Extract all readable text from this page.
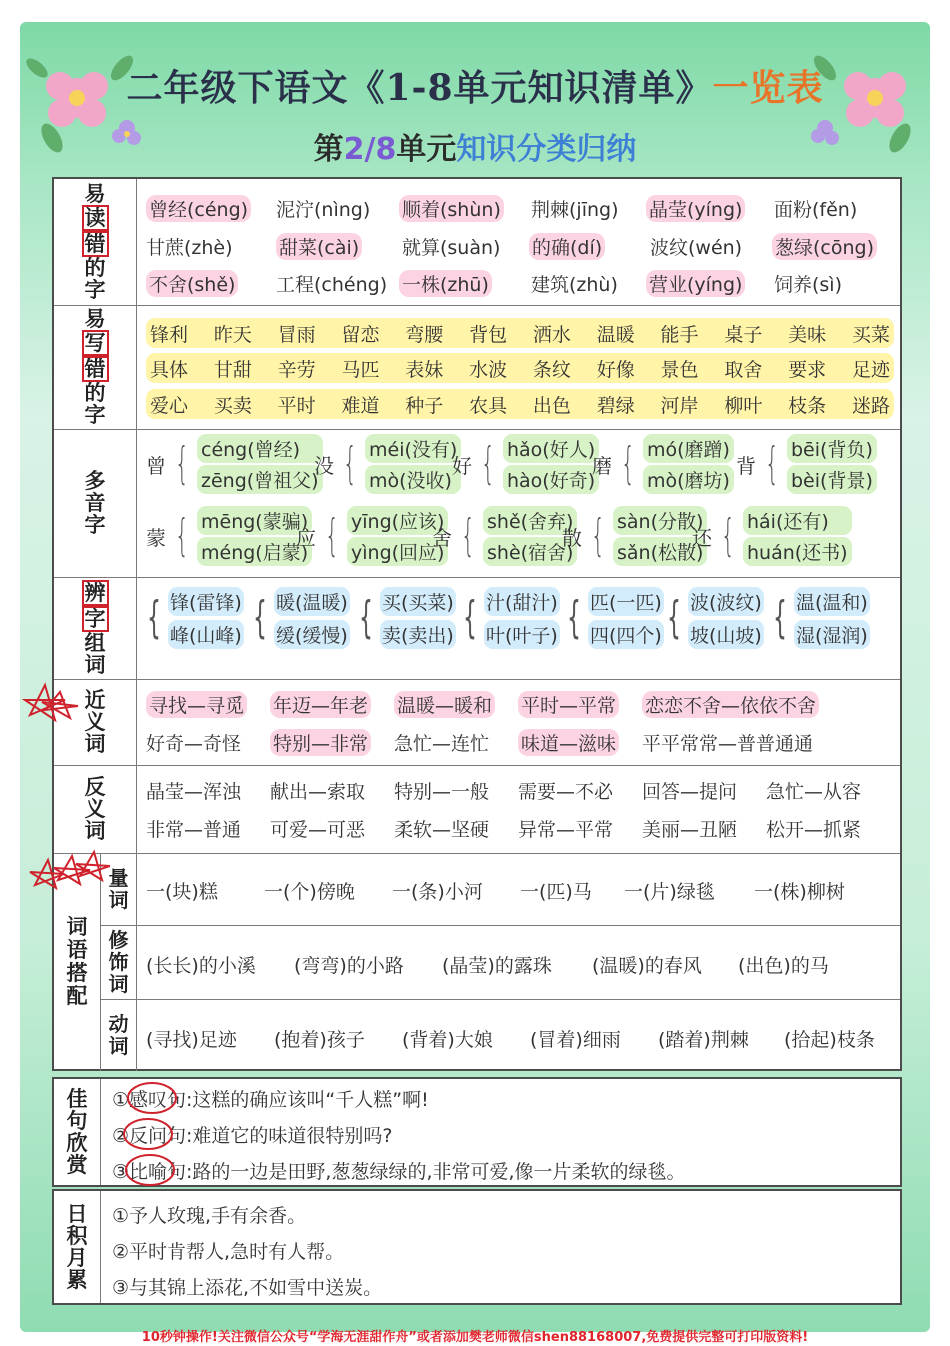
二年级下语文《1-8单元知识清单》一览表
第2/8单元知识分类归纳
易
读
错
的
字
曾经(céng) 泥泞(nìng) 顺着(shùn) 荆棘(jīng) 晶莹(yíng) 面粉(fěn)
甘蔗(zhè) 甜菜(cài) 就算(suàn) 的确(dí)	波纹(wén) 葱绿(cōng)
不舍(shě) 工程(chéng) 一株(zhū) 建筑(zhù) 营业(yíng) 饲养(sì)
易
写
错
的
字
锋利 昨天 冒雨 留恋 弯腰 背包 洒水 温暖 能手 桌子 美味 买菜
具体 甘甜 辛劳 马匹 表妹 水波 条纹 好像 景色 取舍 要求 足迹
爱心 买卖 平时 难道 种子 农具 出色 碧绿 河岸 柳叶 枝条 迷路
多
音
字
曾 { céng(曾经)
zēng(曾祖父)
没 { méi(没有)
mò(没收)
好 { hǎo(好人)
hào(好奇)
磨 { mó(磨蹭)
mò(磨坊)
背 { bēi(背负)
bèi(背景)
蒙 { mēng(蒙骗)
méng(启蒙)
应 { yīng(应该)
yìng(回应)
舍 { shě(舍弃)
shè(宿舍)
散 { sàn(分散)
sǎn(松散)
还 { hái(还有)
huán(还书)
辨
字
组
词
{ 锋(雷锋)
峰(山峰) { 暖(温暖)
缓(缓慢) { 买(买菜)
卖(卖出) { 汁(甜汁)
叶(叶子) { 匹(一匹)
四(四个) { 波(波纹)
坡(山坡) { 温(温和)
湿(湿润)
近
义
词
寻找—寻觅 年迈—年老 温暖—暖和 平时—平常 恋恋不舍—依依不舍
好奇—奇怪 特别—非常 急忙—连忙 味道—滋味 平平常常—普普通通
反
义
词
晶莹—浑浊 献出—索取 特别—一般 需要—不必 回答—提问 急忙—从容
非常—普通 可爱—可恶 柔软—坚硬 异常—平常 美丽—丑陋 松开—抓紧
词
语
搭
配
量
词
修
饰
词
动
词
一(块)糕 一(个)傍晚 一(条)小河 一(匹)马 一(片)绿毯 一(株)柳树
(长长)的小溪 (弯弯)的小路 (晶莹)的露珠 (温暖)的春风 (出色)的马
(寻找)足迹 (抱着)孩子 (背着)大娘 (冒着)细雨 (踏着)荆棘 (拾起)枝条
佳
句
欣
赏
①感叹句:这糕的确应该叫“千人糕”啊!
②反问句:难道它的味道很特别吗?
③比喻句:路的一边是田野,葱葱绿绿的,非常可爱,像一片柔软的绿毯。
日
积
月
累
①予人玫瑰,手有余香。
②平时肯帮人,急时有人帮。
③与其锦上添花,不如雪中送炭。
10秒钟操作!关注微信公众号“学海无涯甜作舟”或者添加樊老师微信shen88168007,免费提供完整可打印版资料!
